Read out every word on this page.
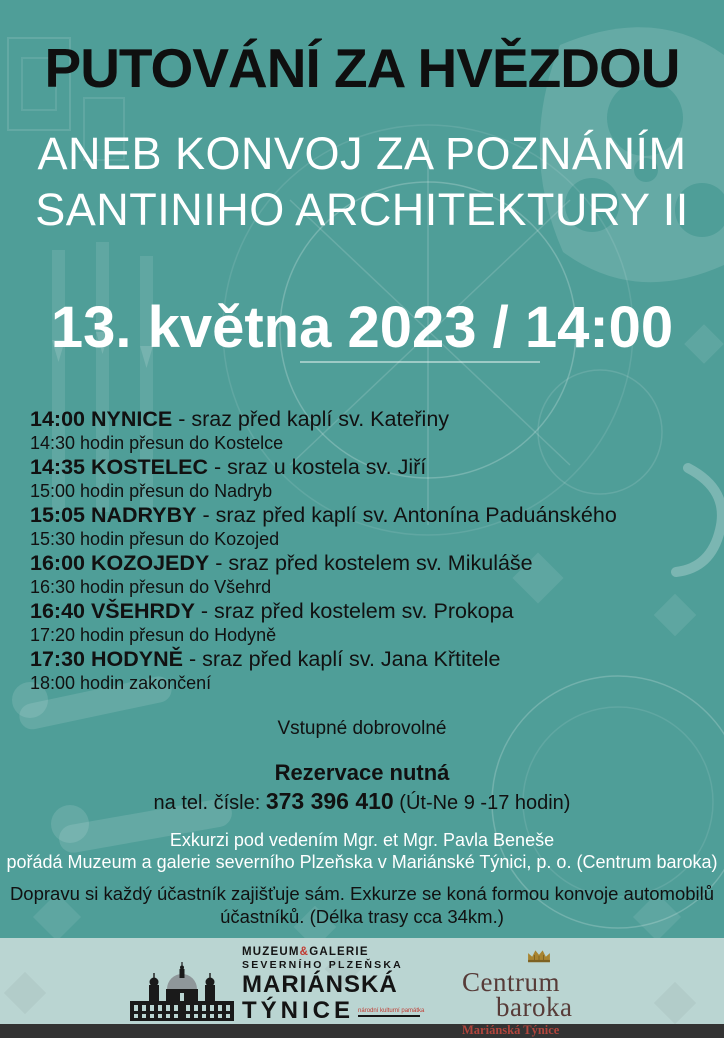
PUTOVÁNÍ ZA HVĚZDOU
ANEB KONVOJ ZA POZNÁNÍM
SANTINIHO ARCHITEKTURY II
13. května 2023 / 14:00
14:00 NYNICE - sraz před kaplí sv. Kateřiny
14:30 hodin přesun do Kostelce
14:35 KOSTELEC - sraz u kostela sv. Jiří
15:00 hodin přesun do Nadryb
15:05 NADRYBY - sraz před kaplí sv. Antonína Paduánského
15:30 hodin přesun do Kozojed
16:00 KOZOJEDY - sraz před kostelem sv. Mikuláše
16:30 hodin přesun do Všehrd
16:40 VŠEHRDY - sraz před kostelem sv. Prokopa
17:20 hodin přesun do Hodyně
17:30 HODYNĚ - sraz před kaplí sv. Jana Křtitele
18:00 hodin zakončení
Vstupné dobrovolné
Rezervace nutná
na tel. čísle: 373 396 410 (Út-Ne 9 -17 hodin)
Exkurzi pod vedením Mgr. et Mgr. Pavla Beneše
pořádá Muzeum a galerie severního Plzeňska v Mariánské Týnici, p. o. (Centrum baroka)
Dopravu si každý účastník zajišťuje sám. Exkurze se koná formou konvoje automobilů
účastníků. (Délka trasy cca 34km.)
MUZEUM&GALERIE
SEVERNÍHO PLZEŇSKA
MARIÁNSKÁ
TÝNICE národní kulturní památka
Centrum
baroka
Mariánská Týnice
